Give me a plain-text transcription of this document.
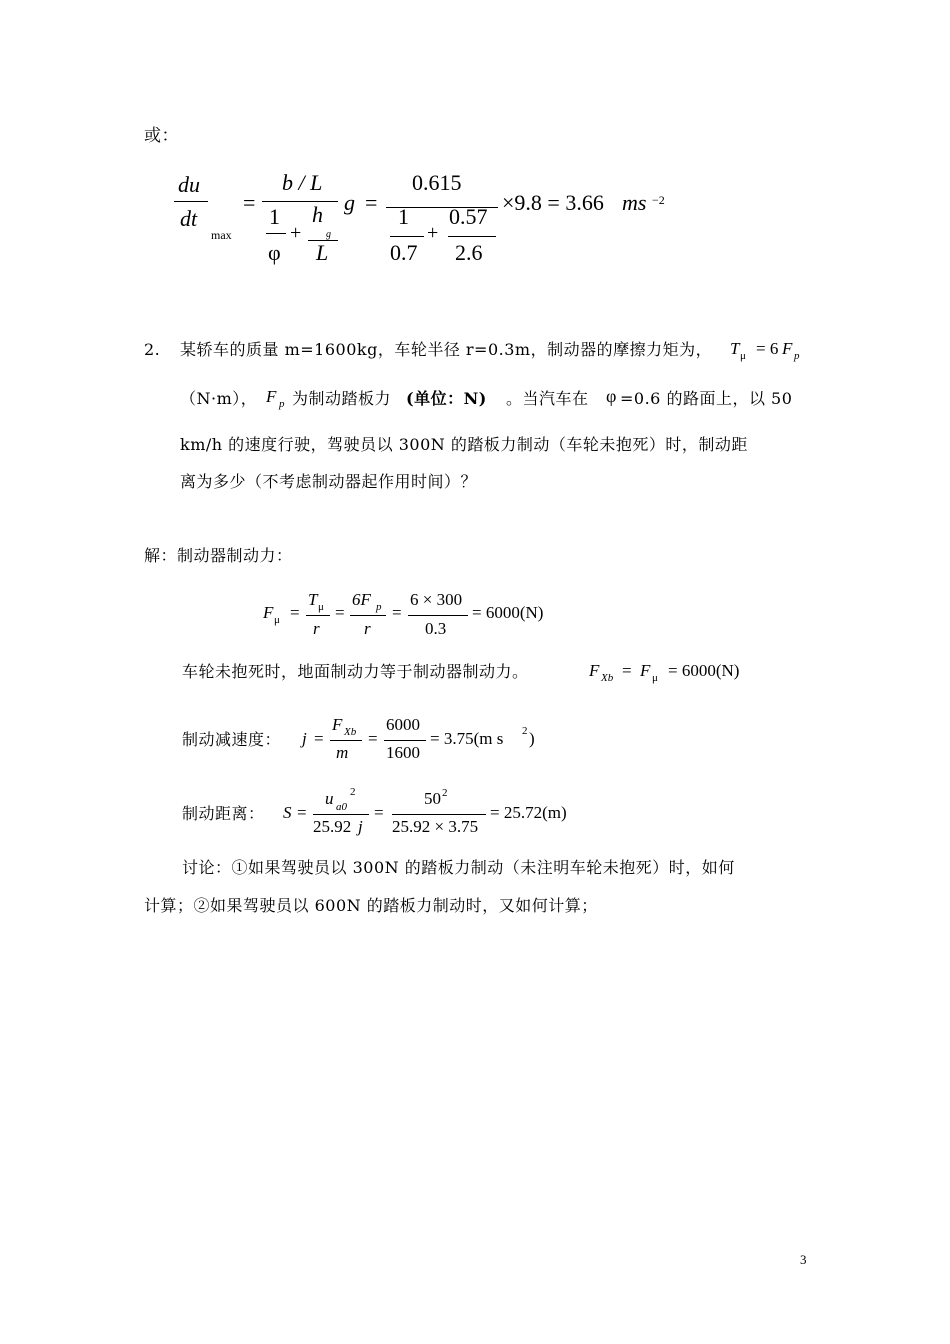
或：
du
dt
max
=
b / L
1
φ
+
h
g
L
g =
0.615
1
0.7
+
0.57
2.6
×9.8 = 3.66 ms −2
2. 某轿车的质量 m=1600kg，车轮半径 r=0.3m，制动器的摩擦力矩为， T μ = 6 F p
（N·m）， F p 为制动踏板力 (单位：N) 。当汽车在 φ =0.6 的路面上，以 50
km/h 的速度行驶，驾驶员以 300N 的踏板力制动（车轮未抱死）时，制动距
离为多少（不考虑制动器起作用时间）？
解：制动器制动力：
F μ =
T μ
r
=
6F p
r
=
6 × 300
0.3
= 6000(N)
车轮未抱死时，地面制动力等于制动器制动力。	F Xb = F μ = 6000(N)
制动减速度： j =
F Xb
m
=
6000
1600
= 3.75(m s 2 )
制动距离： S =
u a0
2
25.92 j
=
50 2
25.92 × 3.75
= 25.72(m)
讨论：①如果驾驶员以 300N 的踏板力制动（未注明车轮未抱死）时，如何
计算；②如果驾驶员以 600N 的踏板力制动时，又如何计算；
3
